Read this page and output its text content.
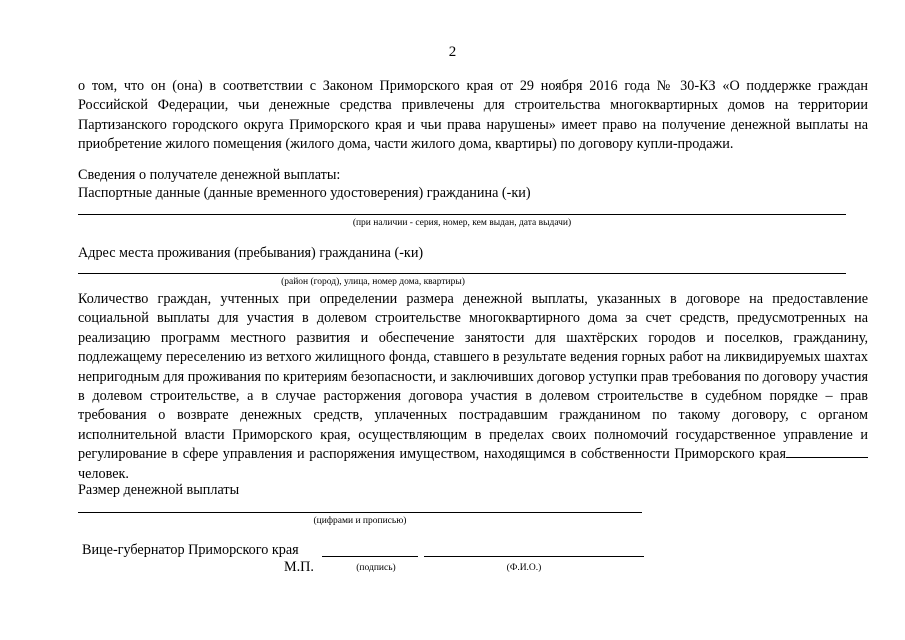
2

о том, что он (она) в соответствии с Законом Приморского края от 29 ноября 2016 года № 30-КЗ «О поддержке граждан Российской Федерации, чьи денежные средства привлечены для строительства многоквартирных домов на территории Партизанского городского округа Приморского края и чьи права нарушены» имеет право на получение денежной выплаты на приобретение жилого помещения (жилого дома, части жилого дома, квартиры) по договору купли-продажи.

Сведения о получателе денежной выплаты:
Паспортные данные (данные временного удостоверения) гражданина (-ки)
(при наличии - серия, номер, кем выдан, дата выдачи)
Адрес места проживания (пребывания) гражданина (-ки)
(район (город), улица, номер дома, квартиры)

Количество граждан, учтенных при определении размера денежной выплаты, указанных в договоре на предоставление социальной выплаты для участия в долевом строительстве многоквартирного дома за счет средств, предусмотренных на реализацию программ местного развития и обеспечение занятости для шахтёрских городов и поселков, гражданину, подлежащему переселению из ветхого жилищного фонда, ставшего в результате ведения горных работ на ликвидируемых шахтах непригодным для проживания по критериям безопасности, и заключивших договор уступки прав требования по договору участия в долевом строительстве, а в случае расторжения договора участия в долевом строительстве в судебном порядке – прав требования о возврате денежных средств, уплаченных пострадавшим гражданином по такому договору, с органом исполнительной власти Приморского края, осуществляющим в пределах своих полномочий государственное управление и регулирование в сфере управления и распоряжения имуществом, находящимся в собственности Приморского края человек.

Размер денежной выплаты
(цифрами и прописью)
Вице-губернатор Приморского края
М.П.	(подпись)	(Ф.И.О.)
